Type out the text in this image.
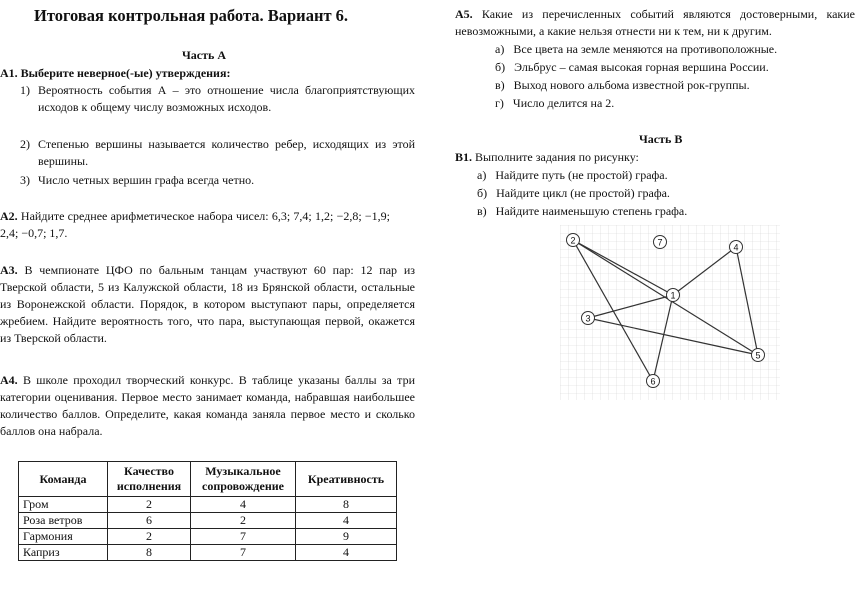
Итоговая контрольная работа. Вариант 6.
Часть А
А1. Выберите неверное(-ые) утверждения:
1) Вероятность события А – это отношение числа благоприятствующих исходов к общему числу возможных исходов.
2) Степенью вершины называется количество ребер, исходящих из этой вершины.
3) Число четных вершин графа всегда четно.
А2. Найдите среднее арифметическое набора чисел: 6,3; 7,4; 1,2; −2,8; −1,9; 2,4; −0,7; 1,7.
А3. В чемпионате ЦФО по бальным танцам участвуют 60 пар: 12 пар из Тверской области, 5 из Калужской области, 18 из Брянской области, остальные из Воронежской области. Порядок, в котором выступают пары, определяется жребием. Найдите вероятность того, что пара, выступающая первой, окажется из Тверской области.
А4. В школе проходил творческий конкурс. В таблице указаны баллы за три категории оценивания. Первое место занимает команда, набравшая наибольшее количество баллов. Определите, какая команда заняла первое место и сколько баллов она набрала.
Команда	Качество исполнения	Музыкальное сопровождение	Креативность
Гром	2	4	8
Роза ветров	6	2	4
Гармония	2	7	9
Каприз	8	7	4
А5. Какие из перечисленных событий являются достоверными, какие невозможными, а какие нельзя отнести ни к тем, ни к другим.
а) Все цвета на земле меняются на противоположные.
б) Эльбрус – самая высокая горная вершина России.
в) Выход нового альбома известной рок-группы.
г) Число делится на 2.
Часть В
В1. Выполните задания по рисунку:
а) Найдите путь (не простой) графа.
б) Найдите цикл (не простой) графа.
в) Найдите наименьшую степень графа.
1
2
3
4
5
6
7
